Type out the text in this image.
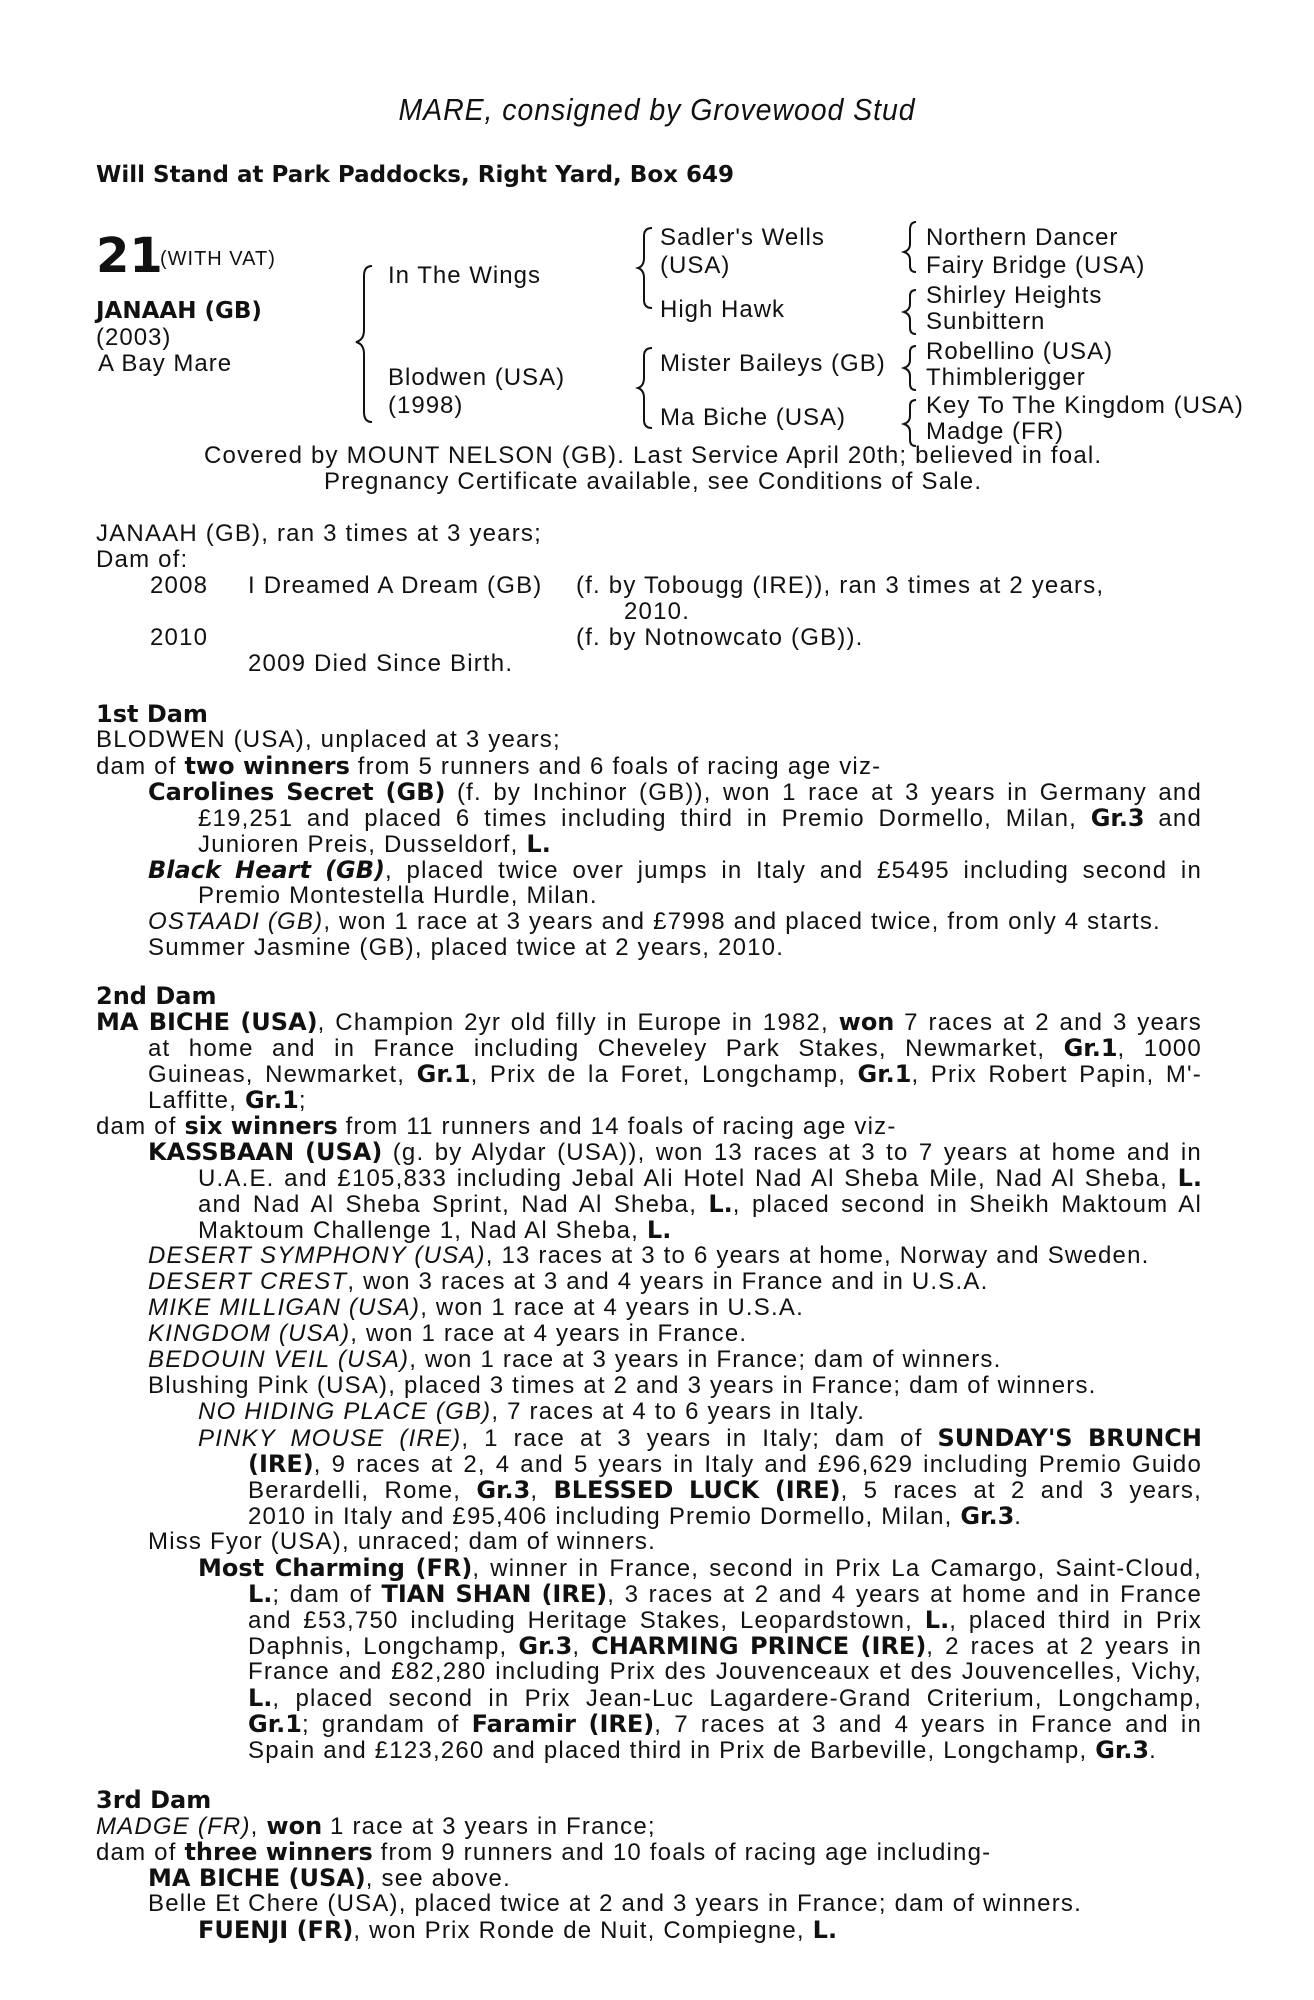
MARE, consigned by Grovewood Stud
Will Stand at Park Paddocks, Right Yard, Box 649
21
(WITH VAT)
JANAAH (GB)
(2003)
A Bay Mare
In The Wings
Blodwen (USA)
(1998)
Sadler's Wells
(USA)
High Hawk
Mister Baileys (GB)
Ma Biche (USA)
Northern Dancer
Fairy Bridge (USA)
Shirley Heights
Sunbittern
Robellino (USA)
Thimblerigger
Key To The Kingdom (USA)
Madge (FR)
Covered by MOUNT NELSON (GB). Last Service April 20th; believed in foal.
Pregnancy Certificate available, see Conditions of Sale.
JANAAH (GB), ran 3 times at 3 years;
Dam of:
2008 I Dreamed A Dream (GB) (f. by Tobougg (IRE)), ran 3 times at 2 years,
2010.
2010	(f. by Notnowcato (GB)).
2009 Died Since Birth.
1st Dam
BLODWEN (USA), unplaced at 3 years;
dam of two winners from 5 runners and 6 foals of racing age viz-
Carolines Secret (GB) (f. by Inchinor (GB)), won 1 race at 3 years in Germany and
£19,251 and placed 6 times including third in Premio Dormello, Milan, Gr.3 and
Junioren Preis, Dusseldorf, L.
Black Heart (GB), placed twice over jumps in Italy and £5495 including second in
Premio Montestella Hurdle, Milan.
OSTAADI (GB), won 1 race at 3 years and £7998 and placed twice, from only 4 starts.
Summer Jasmine (GB), placed twice at 2 years, 2010.
2nd Dam
MA BICHE (USA), Champion 2yr old filly in Europe in 1982, won 7 races at 2 and 3 years
at home and in France including Cheveley Park Stakes, Newmarket, Gr.1, 1000
Guineas, Newmarket, Gr.1, Prix de la Foret, Longchamp, Gr.1, Prix Robert Papin, M'-
Laffitte, Gr.1;
dam of six winners from 11 runners and 14 foals of racing age viz-
KASSBAAN (USA) (g. by Alydar (USA)), won 13 races at 3 to 7 years at home and in
U.A.E. and £105,833 including Jebal Ali Hotel Nad Al Sheba Mile, Nad Al Sheba, L.
and Nad Al Sheba Sprint, Nad Al Sheba, L., placed second in Sheikh Maktoum Al
Maktoum Challenge 1, Nad Al Sheba, L.
DESERT SYMPHONY (USA), 13 races at 3 to 6 years at home, Norway and Sweden.
DESERT CREST, won 3 races at 3 and 4 years in France and in U.S.A.
MIKE MILLIGAN (USA), won 1 race at 4 years in U.S.A.
KINGDOM (USA), won 1 race at 4 years in France.
BEDOUIN VEIL (USA), won 1 race at 3 years in France; dam of winners.
Blushing Pink (USA), placed 3 times at 2 and 3 years in France; dam of winners.
NO HIDING PLACE (GB), 7 races at 4 to 6 years in Italy.
PINKY MOUSE (IRE), 1 race at 3 years in Italy; dam of SUNDAY'S BRUNCH
(IRE), 9 races at 2, 4 and 5 years in Italy and £96,629 including Premio Guido
Berardelli, Rome, Gr.3, BLESSED LUCK (IRE), 5 races at 2 and 3 years,
2010 in Italy and £95,406 including Premio Dormello, Milan, Gr.3.
Miss Fyor (USA), unraced; dam of winners.
Most Charming (FR), winner in France, second in Prix La Camargo, Saint-Cloud,
L.; dam of TIAN SHAN (IRE), 3 races at 2 and 4 years at home and in France
and £53,750 including Heritage Stakes, Leopardstown, L., placed third in Prix
Daphnis, Longchamp, Gr.3, CHARMING PRINCE (IRE), 2 races at 2 years in
France and £82,280 including Prix des Jouvenceaux et des Jouvencelles, Vichy,
L., placed second in Prix Jean-Luc Lagardere-Grand Criterium, Longchamp,
Gr.1; grandam of Faramir (IRE), 7 races at 3 and 4 years in France and in
Spain and £123,260 and placed third in Prix de Barbeville, Longchamp, Gr.3.
3rd Dam
MADGE (FR), won 1 race at 3 years in France;
dam of three winners from 9 runners and 10 foals of racing age including-
MA BICHE (USA), see above.
Belle Et Chere (USA), placed twice at 2 and 3 years in France; dam of winners.
FUENJI (FR), won Prix Ronde de Nuit, Compiegne, L.
